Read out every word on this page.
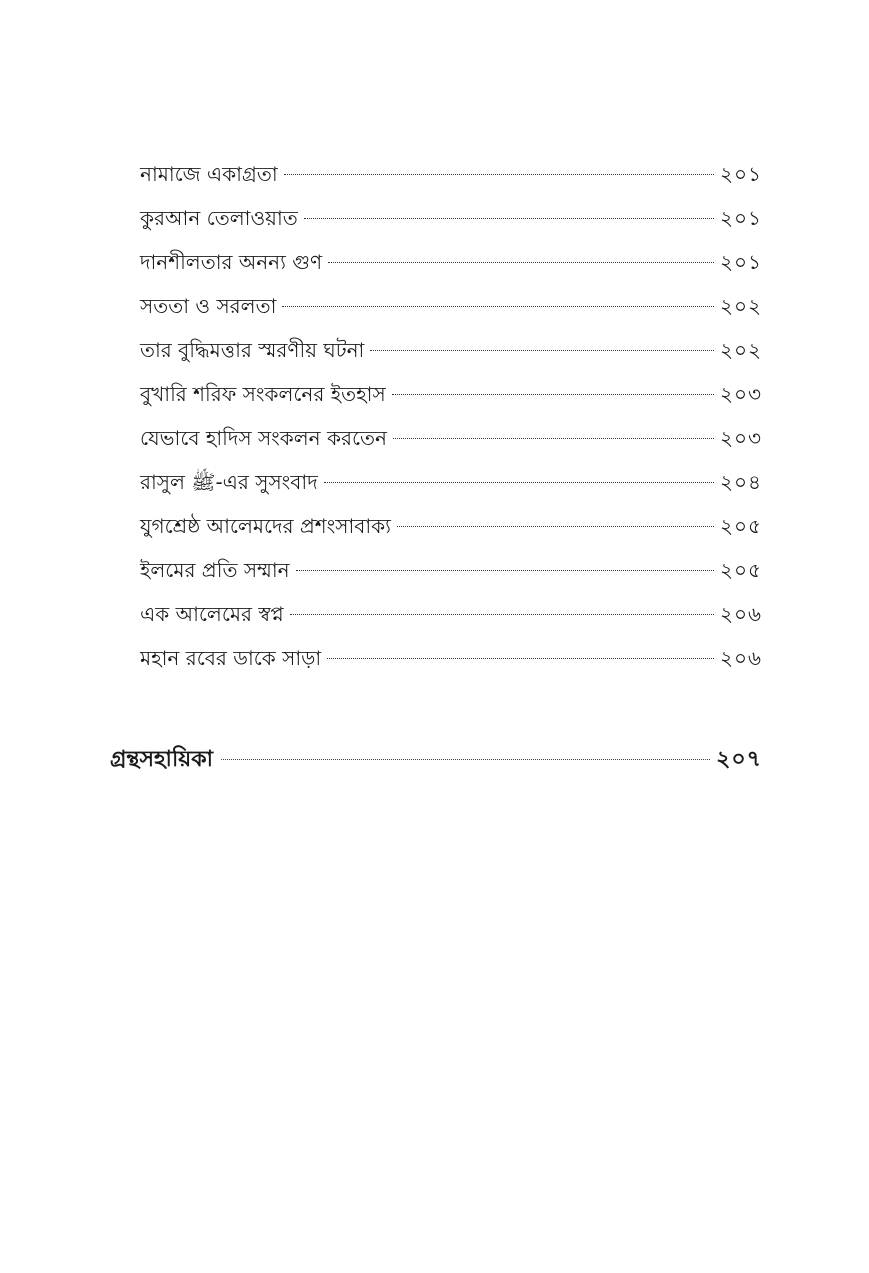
নামাজে একাগ্রতা	২০১
কুরআন তেলাওয়াত	২০১
দানশীলতার অনন্য গুণ	২০১
সততা ও সরলতা	২০২
তার বুদ্ধিমত্তার স্মরণীয় ঘটনা	২০২
বুখারি শরিফ সংকলনের ইতহাস	২০৩
যেভাবে হাদিস সংকলন করতেন	২০৩
রাসুল ﷺ-এর সুসংবাদ	২০৪
যুগশ্রেষ্ঠ আলেমদের প্রশংসাবাক্য	২০৫
ইলমের প্রতি সম্মান	২০৫
এক আলেমের স্বপ্ন	২০৬
মহান রবের ডাকে সাড়া	২০৬
গ্রন্থসহায়িকা	২০৭
